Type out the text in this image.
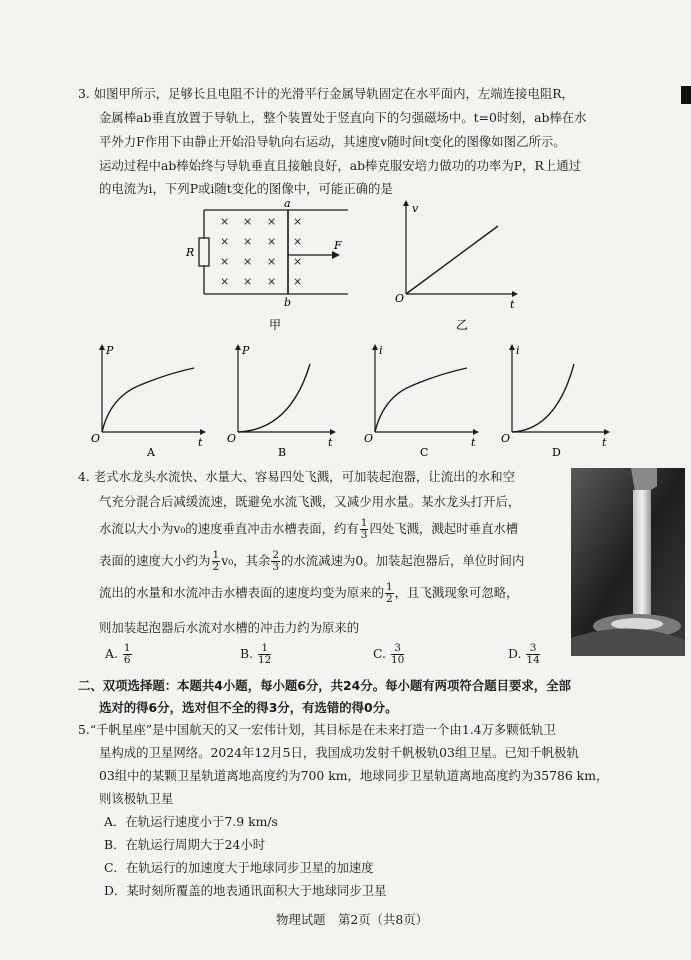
3. 如图甲所示，足够长且电阻不计的光滑平行金属导轨固定在水平面内，左端连接电阻R，
金属棒ab垂直放置于导轨上，整个装置处于竖直向下的匀强磁场中。t=0时刻，ab棒在水
平外力F作用下由静止开始沿导轨向右运动，其速度v随时间t变化的图像如图乙所示。
运动过程中ab棒始终与导轨垂直且接触良好，ab棒克服安培力做功的功率为P，R上通过
的电流为i，下列P或i随t变化的图像中，可能正确的是
× × × ×
× × × ×
× × × ×
× × × ×
a
b
R
F
甲
v
t
O
乙
P
t
O
A
P
t
O
B
i
t
O
C
i
t
O
D
4. 老式水龙头水流快、水量大、容易四处飞溅，可加装起泡器，让流出的水和空
气充分混合后减缓流速，既避免水流飞溅，又减少用水量。某水龙头打开后，
水流以大小为v₀的速度垂直冲击水槽表面，约有 $\frac{1}{3}$ 四处飞溅，溅起时垂直水槽
表面的速度大小约为 $\frac{1}{2} v_0$，其余 $\frac{2}{3}$ 的水流减速为0。加装起泡器后，单位时间内
流出的水量和水流冲击水槽表面的速度均变为原来的 $\frac{1}{2}$ ，且飞溅现象可忽略，
则加装起泡器后水流对水槽的冲击力约为原来的
A. $\frac{1}{6}$	B. $\frac{1}{12}$	C. $\frac{3}{10}$	D. $\frac{3}{14}$
二、双项选择题：本题共4小题，每小题6分，共24分。每小题有两项符合题目要求，全部
选对的得6分，选对但不全的得3分，有选错的得0分。
5.“千帆星座”是中国航天的又一宏伟计划，其目标是在未来打造一个由1.4万多颗低轨卫
星构成的卫星网络。2024年12月5日，我国成功发射千帆极轨03组卫星。已知千帆极轨
03组中的某颗卫星轨道离地高度约为700 km，地球同步卫星轨道离地高度约为35786 km，
则该极轨卫星
A．在轨运行速度小于7.9 km/s
B．在轨运行周期大于24小时
C．在轨运行的加速度大于地球同步卫星的加速度
D．某时刻所覆盖的地表通讯面积大于地球同步卫星
物理试题　第2页（共8页）
